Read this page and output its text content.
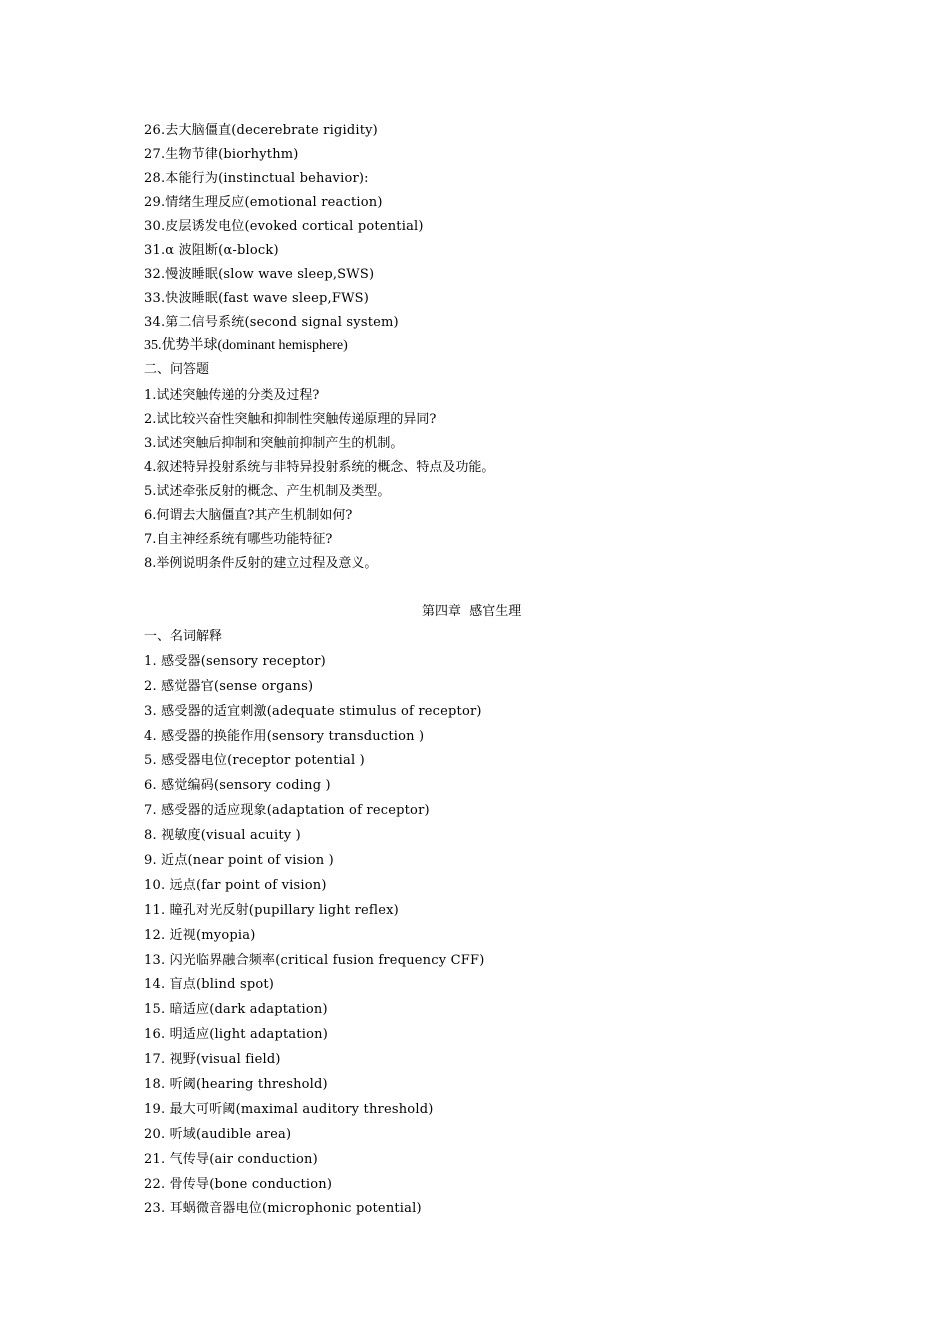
26.去大脑僵直(decerebrate rigidity)
27.生物节律(biorhythm)
28.本能行为(instinctual behavior):
29.情绪生理反应(emotional reaction)
30.皮层诱发电位(evoked cortical potential)
31.α 波阻断(α-block)
32.慢波睡眠(slow wave sleep,SWS)
33.快波睡眠(fast wave sleep,FWS)
34.第二信号系统(second signal system)
35.优势半球(dominant hemisphere)
二、问答题
1.试述突触传递的分类及过程?
2.试比较兴奋性突触和抑制性突触传递原理的异同?
3.试述突触后抑制和突触前抑制产生的机制。
4.叙述特异投射系统与非特异投射系统的概念、特点及功能。
5.试述牵张反射的概念、产生机制及类型。
6.何谓去大脑僵直?其产生机制如何?
7.自主神经系统有哪些功能特征?
8.举例说明条件反射的建立过程及意义。
第四章  感官生理
一、名词解释
1. 感受器(sensory receptor)
2. 感觉器官(sense organs)
3. 感受器的适宜刺激(adequate stimulus of receptor)
4. 感受器的换能作用(sensory transduction )
5. 感受器电位(receptor potential )
6. 感觉编码(sensory coding )
7. 感受器的适应现象(adaptation of receptor)
8. 视敏度(visual acuity )
9. 近点(near point of vision )
10. 远点(far point of vision)
11. 瞳孔对光反射(pupillary light reflex)
12. 近视(myopia)
13. 闪光临界融合频率(critical fusion frequency CFF)
14. 盲点(blind spot)
15. 暗适应(dark adaptation)
16. 明适应(light adaptation)
17. 视野(visual field)
18. 听阈(hearing threshold)
19. 最大可听阈(maximal auditory threshold)
20. 听域(audible area)
21. 气传导(air conduction)
22. 骨传导(bone conduction)
23. 耳蜗微音器电位(microphonic potential)
